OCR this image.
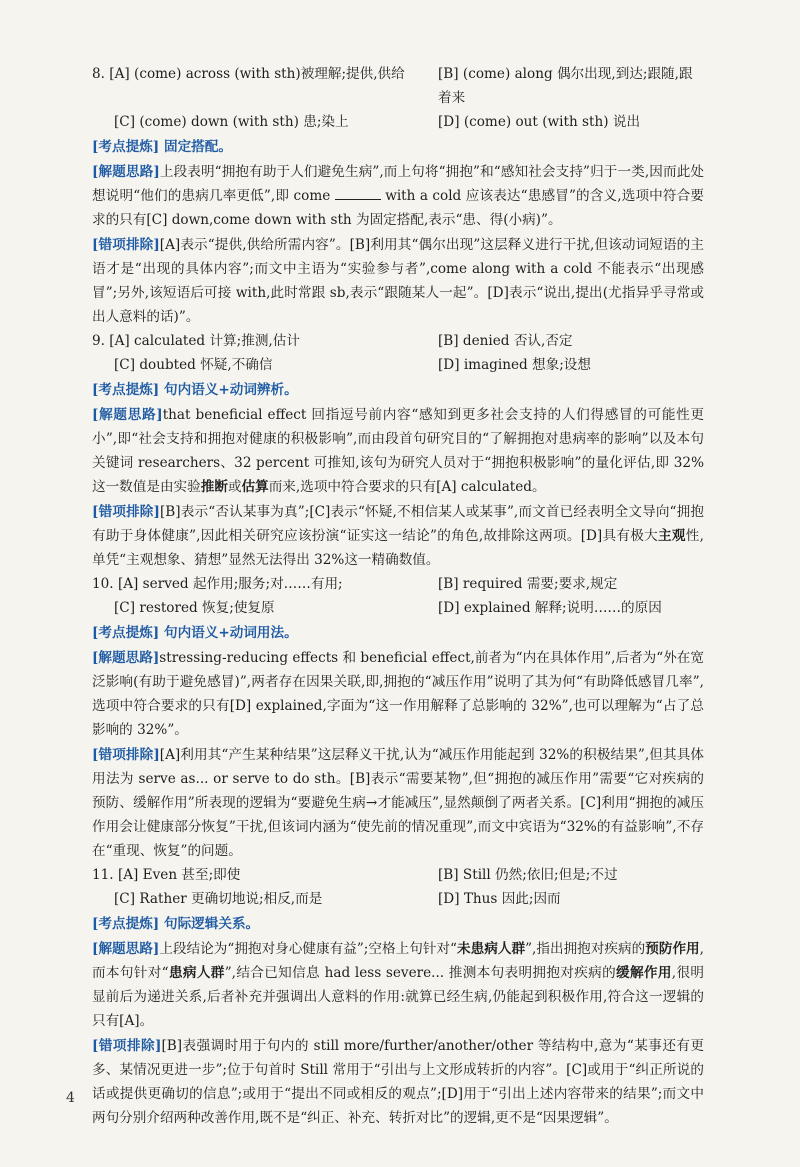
8. [A] (come) across (with sth)被理解;提供,供给	[B] (come) along 偶尔出现,到达;跟随,跟着来
[C] (come) down (with sth) 患;染上	[D] (come) out (with sth) 说出
[考点提炼] 固定搭配。
[解题思路]上段表明“拥抱有助于人们避免生病”,而上句将“拥抱”和“感知社会支持”归于一类,因而此处想说明“他们的患病几率更低”,即 come	with a cold 应该表达“患感冒”的含义,选项中符合要求的只有[C] down,come down with sth 为固定搭配,表示“患、得(小病)”。
[错项排除][A]表示“提供,供给所需内容”。[B]利用其“偶尔出现”这层释义进行干扰,但该动词短语的主语才是“出现的具体内容”;而文中主语为“实验参与者”,come along with a cold 不能表示“出现感冒”;另外,该短语后可接 with,此时常跟 sb,表示“跟随某人一起”。[D]表示“说出,提出(尤指异乎寻常或出人意料的话)”。
9. [A] calculated 计算;推测,估计	[B] denied 否认,否定
[C] doubted 怀疑,不确信	[D] imagined 想象;设想
[考点提炼] 句内语义+动词辨析。
[解题思路]that beneficial effect 回指逗号前内容“感知到更多社会支持的人们得感冒的可能性更小”,即“社会支持和拥抱对健康的积极影响”,而由段首句研究目的“了解拥抱对患病率的影响”以及本句关键词 researchers、32 percent 可推知,该句为研究人员对于“拥抱积极影响”的量化评估,即 32%这一数值是由实验推断或估算而来,选项中符合要求的只有[A] calculated。
[错项排除][B]表示“否认某事为真”;[C]表示“怀疑,不相信某人或某事”,而文首已经表明全文导向“拥抱有助于身体健康”,因此相关研究应该扮演“证实这一结论”的角色,故排除这两项。[D]具有极大主观性,单凭“主观想象、猜想”显然无法得出 32%这一精确数值。
10. [A] served 起作用;服务;对……有用;	[B] required 需要;要求,规定
[C] restored 恢复;使复原	[D] explained 解释;说明……的原因
[考点提炼] 句内语义+动词用法。
[解题思路]stressing-reducing effects 和 beneficial effect,前者为“内在具体作用”,后者为“外在宽泛影响(有助于避免感冒)”,两者存在因果关联,即,拥抱的“减压作用”说明了其为何“有助降低感冒几率”,选项中符合要求的只有[D] explained,字面为“这一作用解释了总影响的 32%”,也可以理解为“占了总影响的 32%”。
[错项排除][A]利用其“产生某种结果”这层释义干扰,认为“减压作用能起到 32%的积极结果”,但其具体用法为 serve as... or serve to do sth。[B]表示“需要某物”,但“拥抱的减压作用”需要“它对疾病的预防、缓解作用”所表现的逻辑为“要避免生病→才能减压”,显然颠倒了两者关系。[C]利用“拥抱的减压作用会让健康部分恢复”干扰,但该词内涵为“使先前的情况重现”,而文中宾语为“32%的有益影响”,不存在“重现、恢复”的问题。
11. [A] Even 甚至;即使	[B] Still 仍然;依旧;但是;不过
[C] Rather 更确切地说;相反,而是	[D] Thus 因此;因而
[考点提炼] 句际逻辑关系。
[解题思路]上段结论为“拥抱对身心健康有益”;空格上句针对“未患病人群”,指出拥抱对疾病的预防作用,而本句针对“患病人群”,结合已知信息 had less severe... 推测本句表明拥抱对疾病的缓解作用,很明显前后为递进关系,后者补充并强调出人意料的作用:就算已经生病,仍能起到积极作用,符合这一逻辑的只有[A]。
[错项排除][B]表强调时用于句内的 still more/further/another/other 等结构中,意为“某事还有更多、某情况更进一步”;位于句首时 Still 常用于“引出与上文形成转折的内容”。[C]或用于“纠正所说的话或提供更确切的信息”;或用于“提出不同或相反的观点”;[D]用于“引出上述内容带来的结果”;而文中两句分别介绍两种改善作用,既不是“纠正、补充、转折对比”的逻辑,更不是“因果逻辑”。
4
